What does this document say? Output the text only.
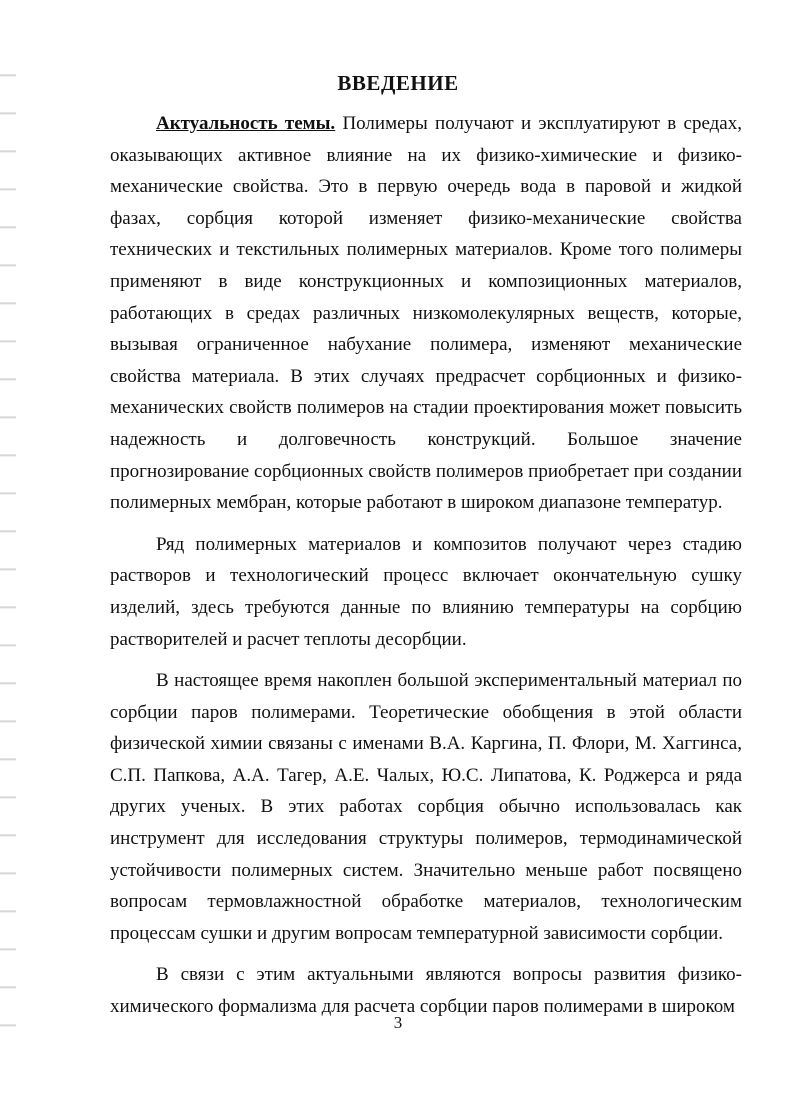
ВВЕДЕНИЕ

Актуальность темы. Полимеры получают и эксплуатируют в средах, оказывающих активное влияние на их физико-химические и физико-механические свойства. Это в первую очередь вода в паровой и жидкой фазах, сорбция которой изменяет физико-механические свойства технических и текстильных полимерных материалов. Кроме того полимеры применяют в виде конструкционных и композиционных материалов, работающих в средах различных низкомолекулярных веществ, которые, вызывая ограниченное набухание полимера, изменяют механические свойства материала. В этих случаях предрасчет сорбционных и физико-механических свойств полимеров на стадии проектирования может повысить надежность и долговечность конструкций. Большое значение прогнозирование сорбционных свойств полимеров приобретает при создании полимерных мембран, которые работают в широком диапазоне температур.

Ряд полимерных материалов и композитов получают через стадию растворов и технологический процесс включает окончательную сушку изделий, здесь требуются данные по влиянию температуры на сорбцию растворителей и расчет теплоты десорбции.

В настоящее время накоплен большой экспериментальный материал по сорбции паров полимерами. Теоретические обобщения в этой области физической химии связаны с именами В.А. Каргина, П. Флори, М. Хаггинса, С.П. Папкова, А.А. Тагер, А.Е. Чалых, Ю.С. Липатова, К. Роджерса и ряда других ученых. В этих работах сорбция обычно использовалась как инструмент для исследования структуры полимеров, термодинамической устойчивости полимерных систем. Значительно меньше работ посвящено вопросам термовлажностной обработке материалов, технологическим процессам сушки и другим вопросам температурной зависимости сорбции.

В связи с этим актуальными являются вопросы развития физико-химического формализма для расчета сорбции паров полимерами в широком

3
